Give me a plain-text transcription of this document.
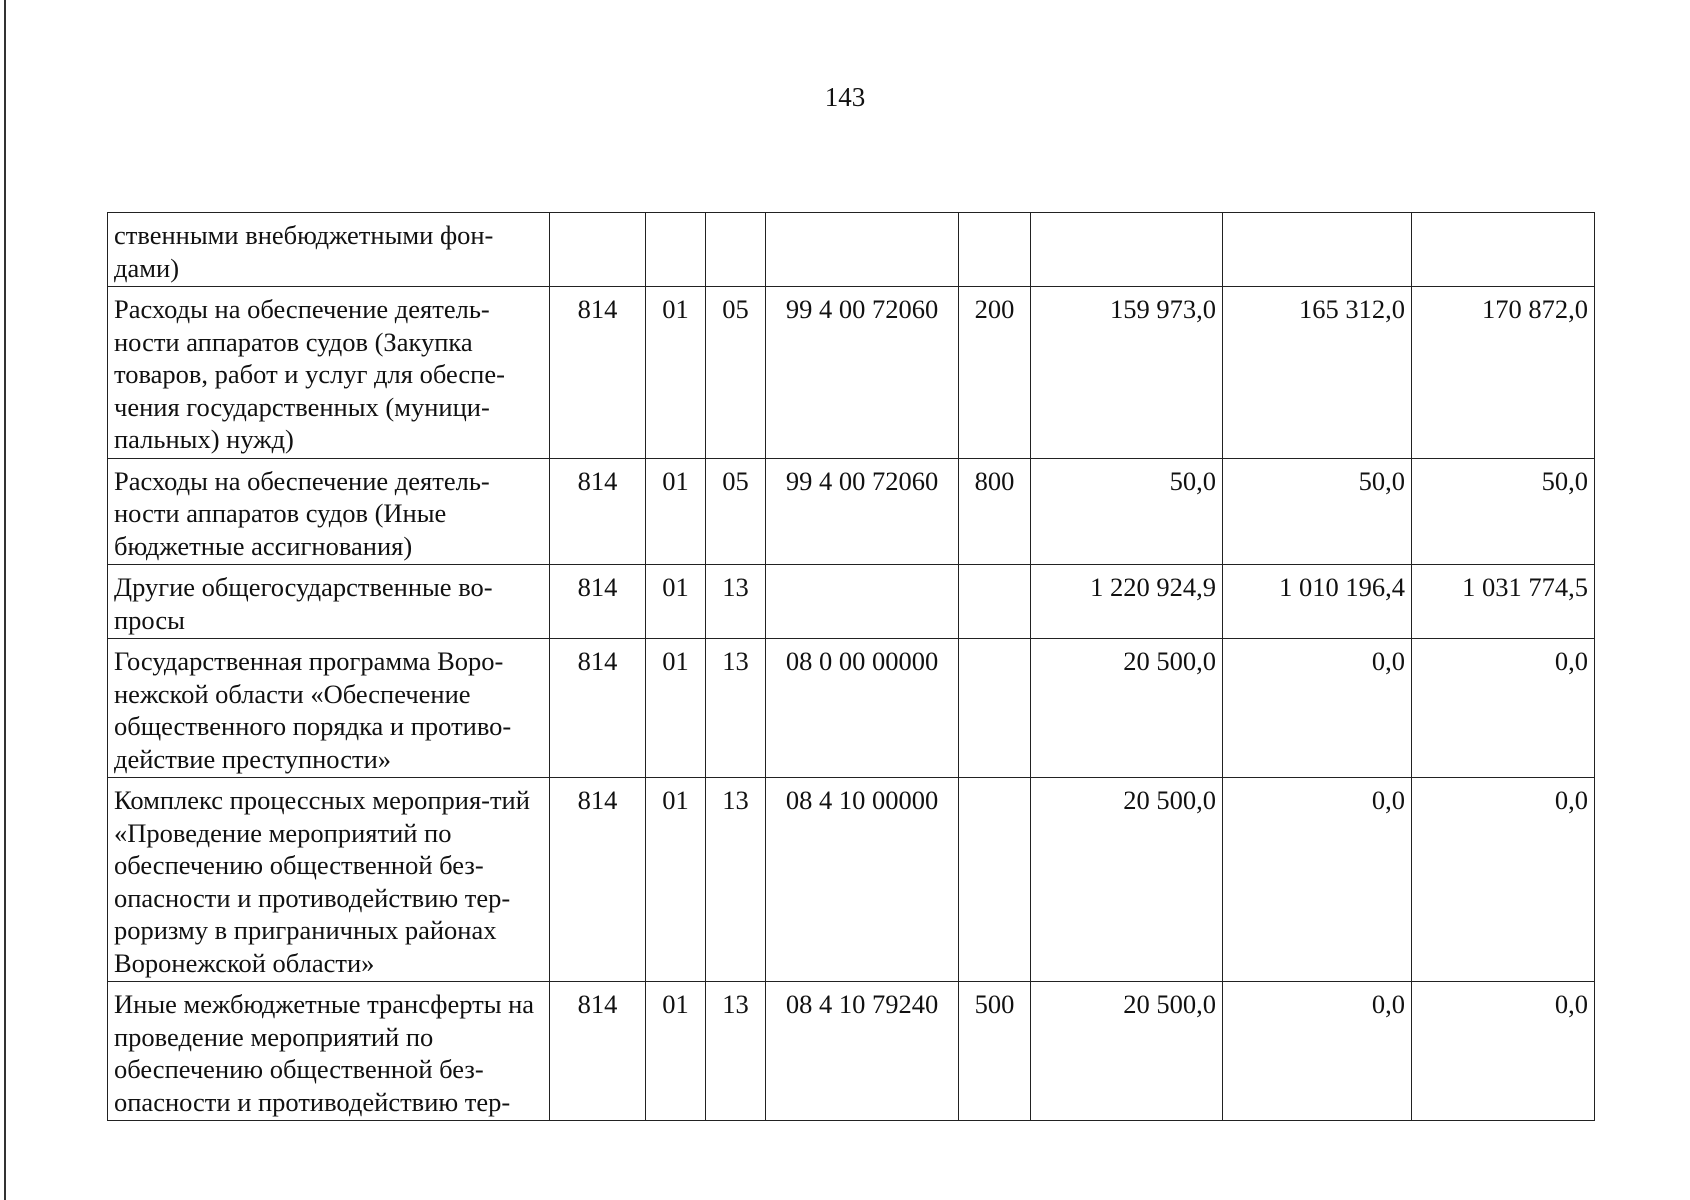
143
ственными внебюджетными фон-дами)								
Расходы на обеспечение деятель-ности аппаратов судов (Закупка товаров, работ и услуг для обеспе-чения государственных (муници-пальных) нужд)	814	01	05	99 4 00 72060	200	159 973,0	165 312,0	170 872,0
Расходы на обеспечение деятель-ности аппаратов судов (Иные бюджетные ассигнования)	814	01	05	99 4 00 72060	800	50,0	50,0	50,0
Другие общегосударственные во-просы	814	01	13			1 220 924,9	1 010 196,4	1 031 774,5
Государственная программа Воро-нежской области «Обеспечение общественного порядка и противо-действие преступности»	814	01	13	08 0 00 00000		20 500,0	0,0	0,0
Комплекс процессных мероприя-тий «Проведение мероприятий по обеспечению общественной без-опасности и противодействию тер-роризму в приграничных районах Воронежской области»	814	01	13	08 4 10 00000		20 500,0	0,0	0,0
Иные межбюджетные трансферты на проведение мероприятий по обеспечению общественной без-опасности и противодействию тер-	814	01	13	08 4 10 79240	500	20 500,0	0,0	0,0
